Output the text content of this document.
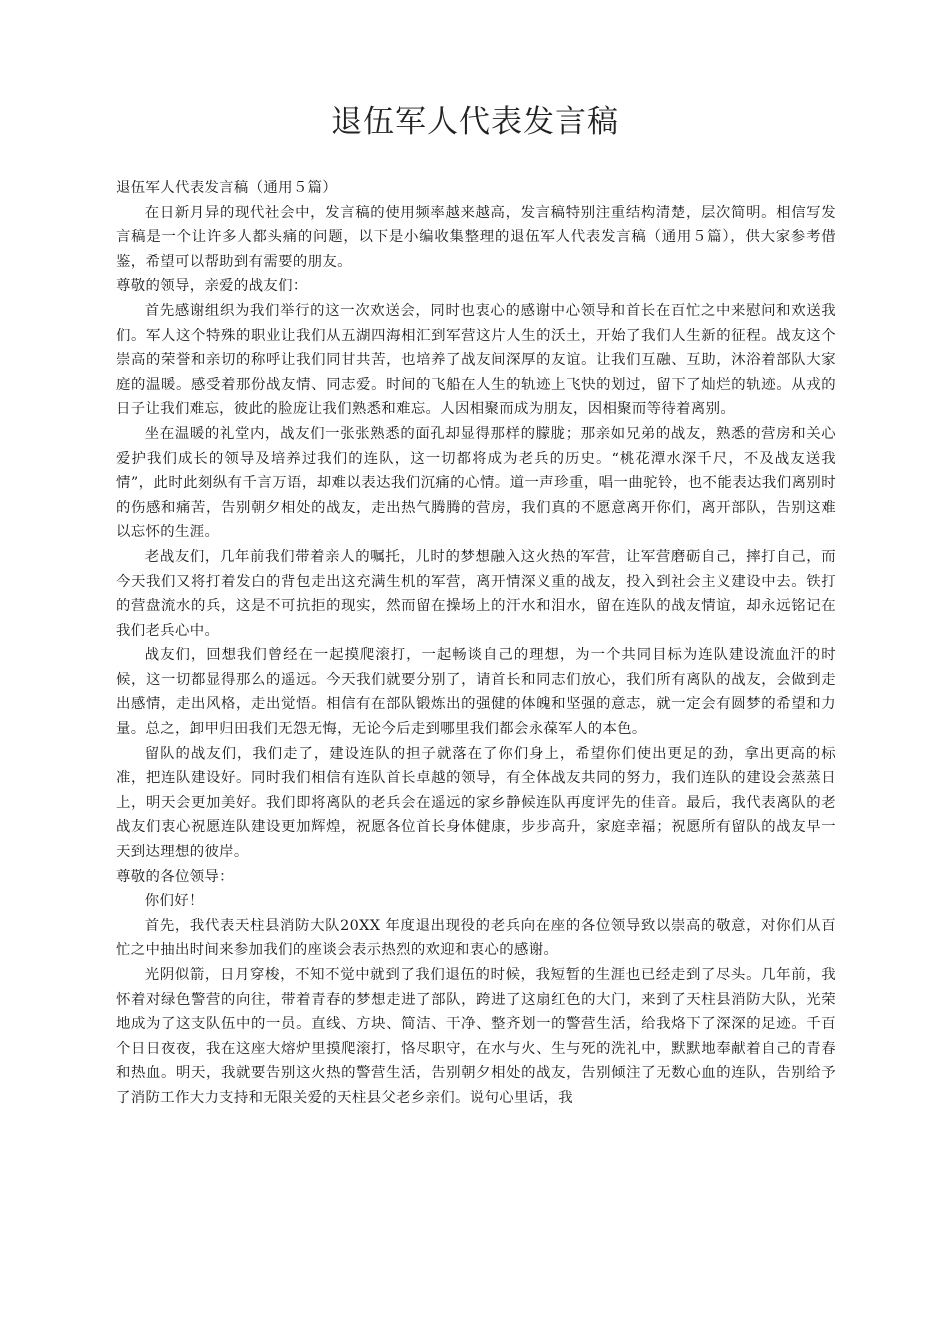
退伍军人代表发言稿

退伍军人代表发言稿（通用５篇）

在日新月异的现代社会中，发言稿的使用频率越来越高，发言稿特别注重结构清楚，层次简明。相信写发言稿是一个让许多人都头痛的问题，以下是小编收集整理的退伍军人代表发言稿（通用５篇），供大家参考借鉴，希望可以帮助到有需要的朋友。

尊敬的领导，亲爱的战友们：

首先感谢组织为我们举行的这一次欢送会，同时也衷心的感谢中心领导和首长在百忙之中来慰问和欢送我们。军人这个特殊的职业让我们从五湖四海相汇到军营这片人生的沃土，开始了我们人生新的征程。战友这个崇高的荣誉和亲切的称呼让我们同甘共苦，也培养了战友间深厚的友谊。让我们互融、互助，沐浴着部队大家庭的温暖。感受着那份战友情、同志爱。时间的飞船在人生的轨迹上飞快的划过，留下了灿烂的轨迹。从戎的日子让我们难忘，彼此的脸庞让我们熟悉和难忘。人因相聚而成为朋友，因相聚而等待着离别。

坐在温暖的礼堂内，战友们一张张熟悉的面孔却显得那样的朦胧；那亲如兄弟的战友，熟悉的营房和关心爱护我们成长的领导及培养过我们的连队，这一切都将成为老兵的历史。“桃花潭水深千尺，不及战友送我情”，此时此刻纵有千言万语，却难以表达我们沉痛的心情。道一声珍重，唱一曲驼铃，也不能表达我们离别时的伤感和痛苦，告别朝夕相处的战友，走出热气腾腾的营房，我们真的不愿意离开你们，离开部队，告别这难以忘怀的生涯。

老战友们，几年前我们带着亲人的嘱托，儿时的梦想融入这火热的军营，让军营磨砺自己，摔打自己，而今天我们又将打着发白的背包走出这充满生机的军营，离开情深义重的战友，投入到社会主义建设中去。铁打的营盘流水的兵，这是不可抗拒的现实，然而留在操场上的汗水和泪水，留在连队的战友情谊，却永远铭记在我们老兵心中。

战友们，回想我们曾经在一起摸爬滚打，一起畅谈自己的理想，为一个共同目标为连队建设流血汗的时候，这一切都显得那么的遥远。今天我们就要分别了，请首长和同志们放心，我们所有离队的战友，会做到走出感情，走出风格，走出觉悟。相信有在部队锻炼出的强健的体魄和坚强的意志，就一定会有圆梦的希望和力量。总之，卸甲归田我们无怨无悔，无论今后走到哪里我们都会永葆军人的本色。

留队的战友们，我们走了，建设连队的担子就落在了你们身上，希望你们使出更足的劲，拿出更高的标准，把连队建设好。同时我们相信有连队首长卓越的领导，有全体战友共同的努力，我们连队的建设会蒸蒸日上，明天会更加美好。我们即将离队的老兵会在遥远的家乡静候连队再度评先的佳音。最后，我代表离队的老战友们衷心祝愿连队建设更加辉煌，祝愿各位首长身体健康，步步高升，家庭幸福；祝愿所有留队的战友早一天到达理想的彼岸。

尊敬的各位领导：

你们好！

首先，我代表天柱县消防大队20XX 年度退出现役的老兵向在座的各位领导致以崇高的敬意，对你们从百忙之中抽出时间来参加我们的座谈会表示热烈的欢迎和衷心的感谢。

光阴似箭，日月穿梭，不知不觉中就到了我们退伍的时候，我短暂的生涯也已经走到了尽头。几年前，我怀着对绿色警营的向往，带着青春的梦想走进了部队，跨进了这扇红色的大门，来到了天柱县消防大队，光荣地成为了这支队伍中的一员。直线、方块、简洁、干净、整齐划一的警营生活，给我烙下了深深的足迹。千百个日日夜夜，我在这座大熔炉里摸爬滚打，恪尽职守，在水与火、生与死的洗礼中，默默地奉献着自己的青春和热血。明天，我就要告别这火热的警营生活，告别朝夕相处的战友，告别倾注了无数心血的连队，告别给予了消防工作大力支持和无限关爱的天柱县父老乡亲们。说句心里话，我
